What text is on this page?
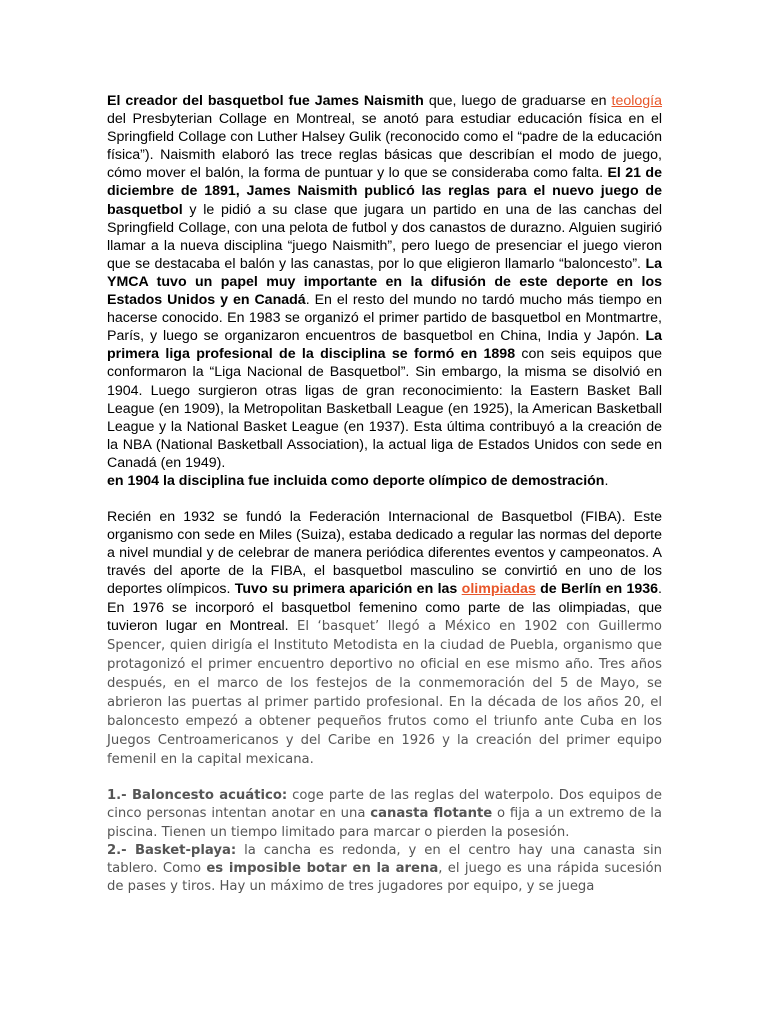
El creador del basquetbol fue James Naismith que, luego de graduarse en teología del Presbyterian Collage en Montreal, se anotó para estudiar educación física en el Springfield Collage con Luther Halsey Gulik (reconocido como el “padre de la educación física”). Naismith elaboró las trece reglas básicas que describían el modo de juego, cómo mover el balón, la forma de puntuar y lo que se consideraba como falta. El 21 de diciembre de 1891, James Naismith publicó las reglas para el nuevo juego de basquetbol y le pidió a su clase que jugara un partido en una de las canchas del Springfield Collage, con una pelota de futbol y dos canastos de durazno. Alguien sugirió llamar a la nueva disciplina “juego Naismith”, pero luego de presenciar el juego vieron que se destacaba el balón y las canastas, por lo que eligieron llamarlo “baloncesto”. La YMCA tuvo un papel muy importante en la difusión de este deporte en los Estados Unidos y en Canadá. En el resto del mundo no tardó mucho más tiempo en hacerse conocido. En 1983 se organizó el primer partido de basquetbol en Montmartre, París, y luego se organizaron encuentros de basquetbol en China, India y Japón. La primera liga profesional de la disciplina se formó en 1898 con seis equipos que conformaron la “Liga Nacional de Basquetbol”. Sin embargo, la misma se disolvió en 1904. Luego surgieron otras ligas de gran reconocimiento: la Eastern Basket Ball League (en 1909), la Metropolitan Basketball League (en 1925), la American Basketball League y la National Basket League (en 1937). Esta última contribuyó a la creación de la NBA (National Basketball Association), la actual liga de Estados Unidos con sede en Canadá (en 1949).
en 1904 la disciplina fue incluida como deporte olímpico de demostración.

Recién en 1932 se fundó la Federación Internacional de Basquetbol (FIBA). Este organismo con sede en Miles (Suiza), estaba dedicado a regular las normas del deporte a nivel mundial y de celebrar de manera periódica diferentes eventos y campeonatos. A través del aporte de la FIBA, el basquetbol masculino se convirtió en uno de los deportes olímpicos. Tuvo su primera aparición en las olimpiadas de Berlín en 1936. En 1976 se incorporó el basquetbol femenino como parte de las olimpiadas, que tuvieron lugar en Montreal. El ‘basquet’ llegó a México en 1902 con Guillermo Spencer, quien dirigía el Instituto Metodista en la ciudad de Puebla, organismo que protagonizó el primer encuentro deportivo no oficial en ese mismo año. Tres años después, en el marco de los festejos de la conmemoración del 5 de Mayo, se abrieron las puertas al primer partido profesional. En la década de los años 20, el baloncesto empezó a obtener pequeños frutos como el triunfo ante Cuba en los Juegos Centroamericanos y del Caribe en 1926 y la creación del primer equipo femenil en la capital mexicana.

1.- Baloncesto acuático: coge parte de las reglas del waterpolo. Dos equipos de cinco personas intentan anotar en una canasta flotante o fija a un extremo de la piscina. Tienen un tiempo limitado para marcar o pierden la posesión.

2.- Basket-playa: la cancha es redonda, y en el centro hay una canasta sin tablero. Como es imposible botar en la arena, el juego es una rápida sucesión de pases y tiros. Hay un máximo de tres jugadores por equipo, y se juega
